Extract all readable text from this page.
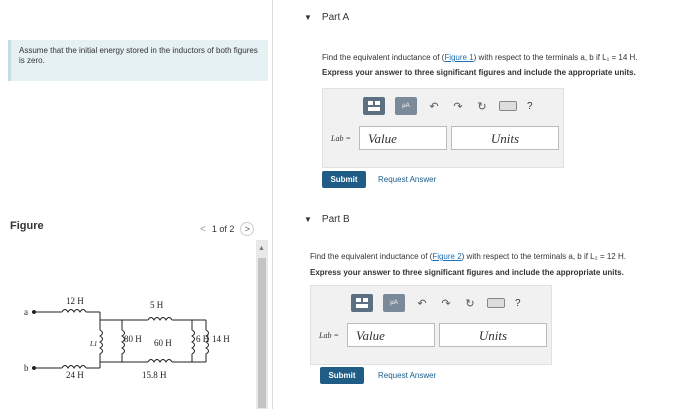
Assume that the initial energy stored in the inductors of both figures is zero.
Figure	< 1 of 2	>
a
b
12 H	5 H
80 H 60 H	6 H 14 H
24 H	15.8 H
L1
▲
▼ Part A
Find the equivalent inductance of (Figure 1) with respect to the terminals a, b if L₁ = 14 H.
Express your answer to three significant figures and include the appropriate units.
μA	↶ ↷ ↻	?
Lab =	Value	Units
Submit	Request Answer
▼ Part B
Find the equivalent inductance of (Figure 2) with respect to the terminals a, b if L₂ = 12 H.
Express your answer to three significant figures and include the appropriate units.
μA	↶ ↷ ↻	?
Lab =	Value	Units
Submit	Request Answer
